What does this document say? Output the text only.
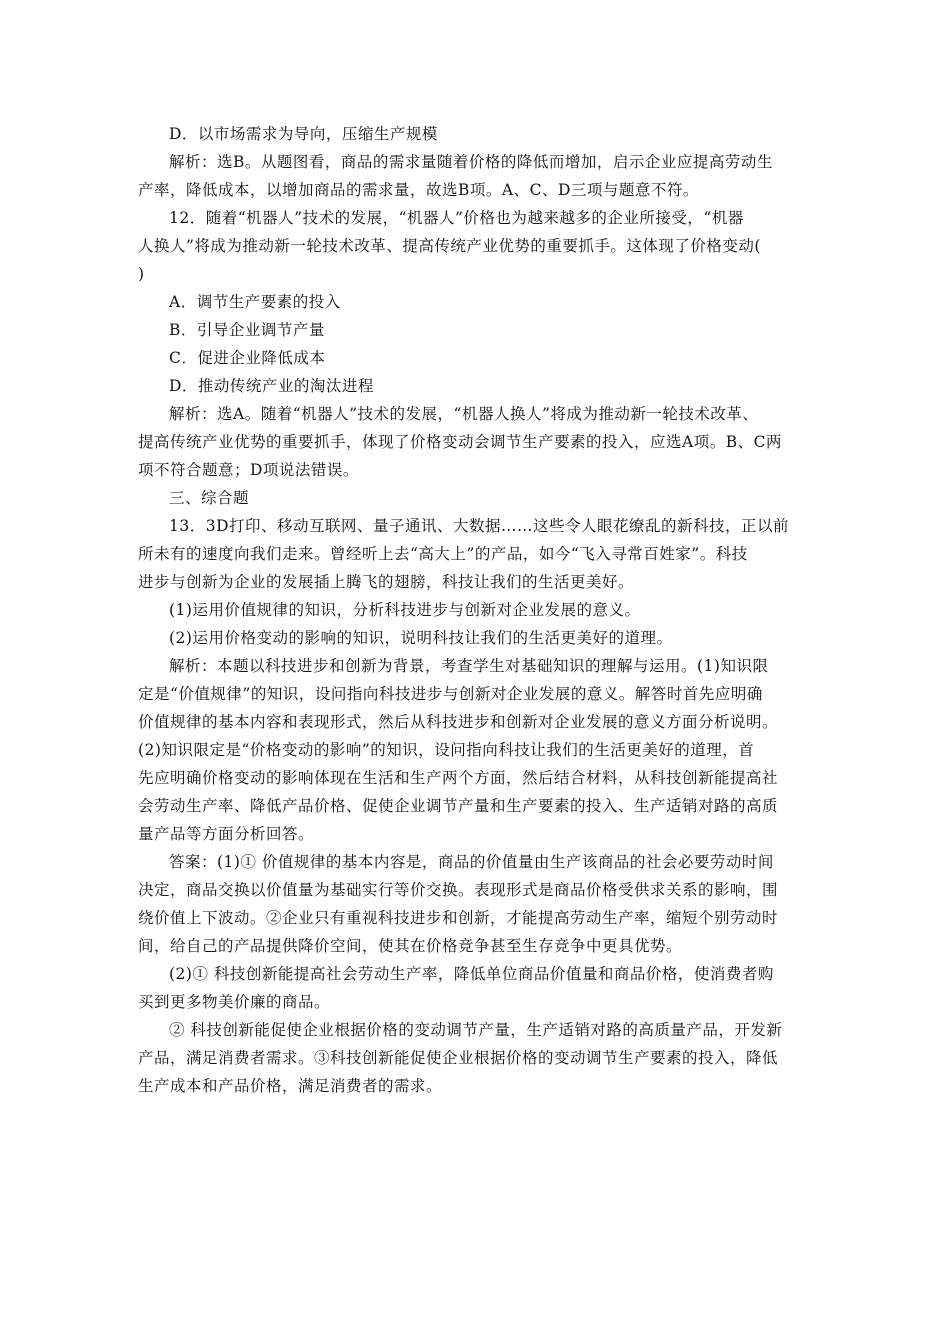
D．以市场需求为导向，压缩生产规模
解析：选B。从题图看，商品的需求量随着价格的降低而增加，启示企业应提高劳动生
产率，降低成本，以增加商品的需求量，故选B项。A、C、D三项与题意不符。
12．随着“机器人”技术的发展，“机器人”价格也为越来越多的企业所接受，“机器
人换人”将成为推动新一轮技术改革、提高传统产业优势的重要抓手。这体现了价格变动(
)
A．调节生产要素的投入
B．引导企业调节产量
C．促进企业降低成本
D．推动传统产业的淘汰进程
解析：选A。随着“机器人”技术的发展，“机器人换人”将成为推动新一轮技术改革、
提高传统产业优势的重要抓手，体现了价格变动会调节生产要素的投入，应选A项。B、C两
项不符合题意；D项说法错误。
三、综合题
13．3D打印、移动互联网、量子通讯、大数据……这些令人眼花缭乱的新科技，正以前
所未有的速度向我们走来。曾经听上去“高大上”的产品，如今“飞入寻常百姓家”。科技
进步与创新为企业的发展插上腾飞的翅膀，科技让我们的生活更美好。
(1)运用价值规律的知识，分析科技进步与创新对企业发展的意义。
(2)运用价格变动的影响的知识，说明科技让我们的生活更美好的道理。
解析：本题以科技进步和创新为背景，考查学生对基础知识的理解与运用。(1)知识限
定是“价值规律”的知识，设问指向科技进步与创新对企业发展的意义。解答时首先应明确
价值规律的基本内容和表现形式，然后从科技进步和创新对企业发展的意义方面分析说明。
(2)知识限定是“价格变动的影响”的知识，设问指向科技让我们的生活更美好的道理，首
先应明确价格变动的影响体现在生活和生产两个方面，然后结合材料，从科技创新能提高社
会劳动生产率、降低产品价格、促使企业调节产量和生产要素的投入、生产适销对路的高质
量产品等方面分析回答。
答案：(1)① 价值规律的基本内容是，商品的价值量由生产该商品的社会必要劳动时间
决定，商品交换以价值量为基础实行等价交换。表现形式是商品价格受供求关系的影响，围
绕价值上下波动。②企业只有重视科技进步和创新，才能提高劳动生产率，缩短个别劳动时
间，给自己的产品提供降价空间，使其在价格竞争甚至生存竞争中更具优势。
(2)① 科技创新能提高社会劳动生产率，降低单位商品价值量和商品价格，使消费者购
买到更多物美价廉的商品。
② 科技创新能促使企业根据价格的变动调节产量，生产适销对路的高质量产品，开发新
产品，满足消费者需求。③科技创新能促使企业根据价格的变动调节生产要素的投入，降低
生产成本和产品价格，满足消费者的需求。
